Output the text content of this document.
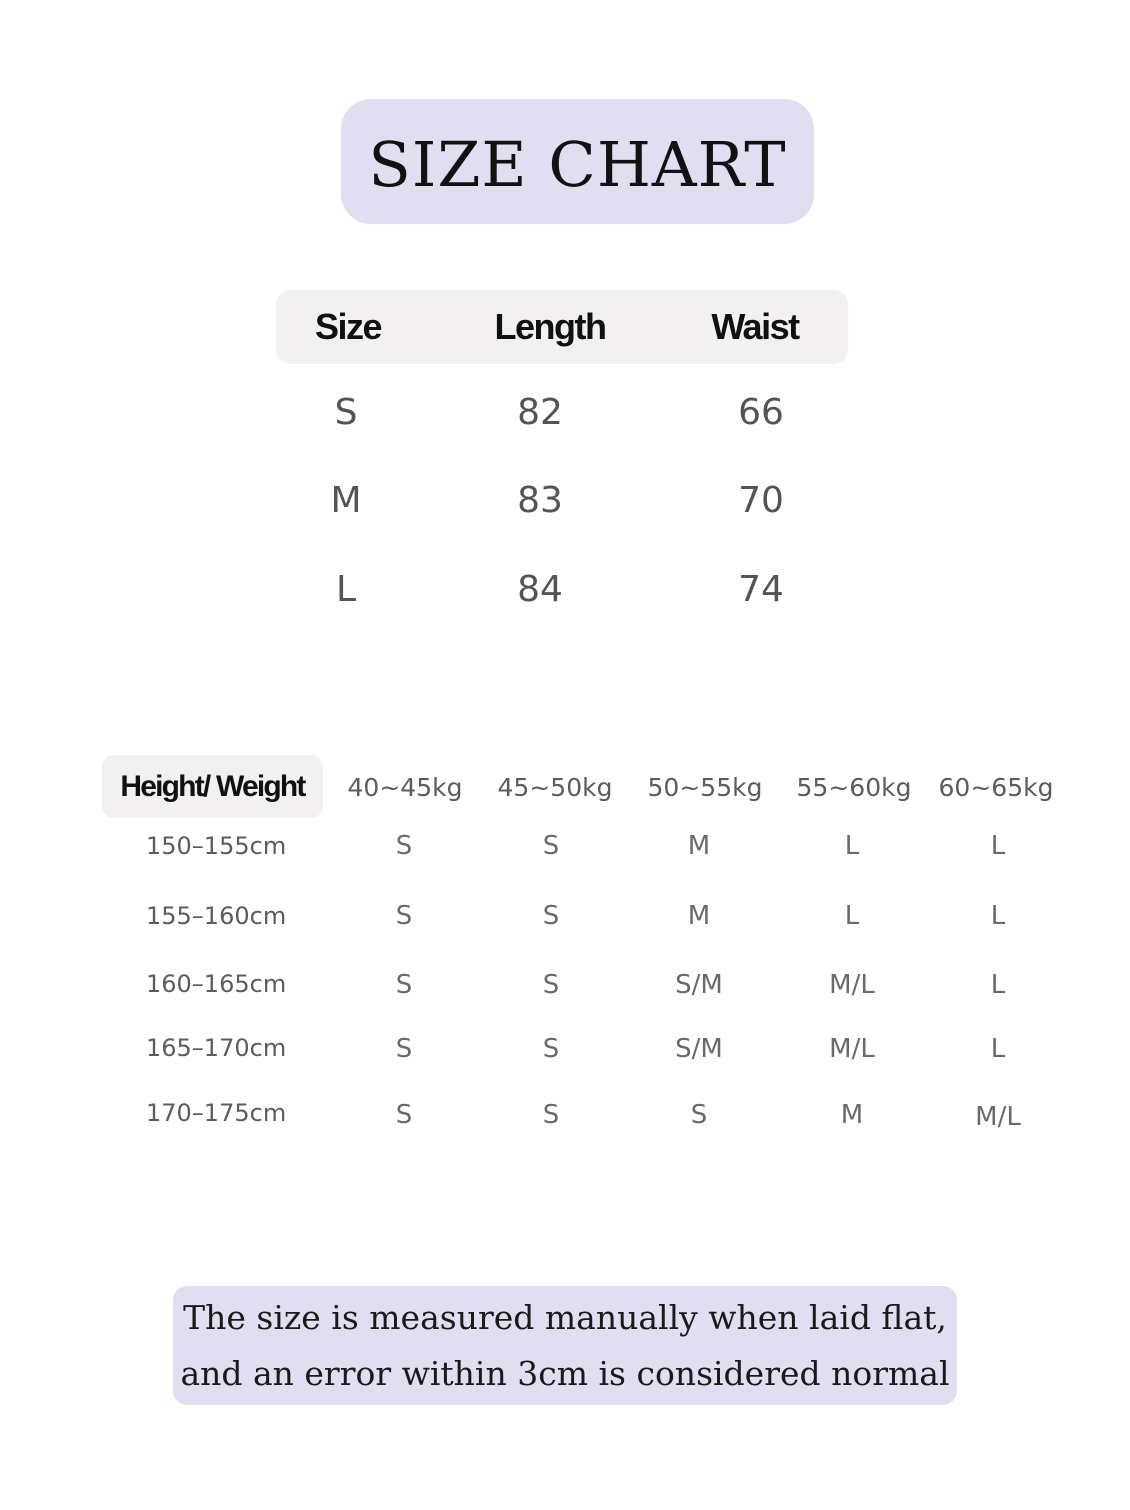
SIZE CHART
Size	Length	Waist
S	82	66
M	83	70
L	84	74
Height/ Weight	40~45kg	45~50kg	50~55kg	55~60kg	60~65kg
150–155cm	S	S	M	L	L
155–160cm	S	S	M	L	L
160–165cm	S	S	S/M	M/L	L
165–170cm	S	S	S/M	M/L	L
170–175cm	S	S	S	M	M/L
The size is measured manually when laid flat,
and an error within 3cm is considered normal
